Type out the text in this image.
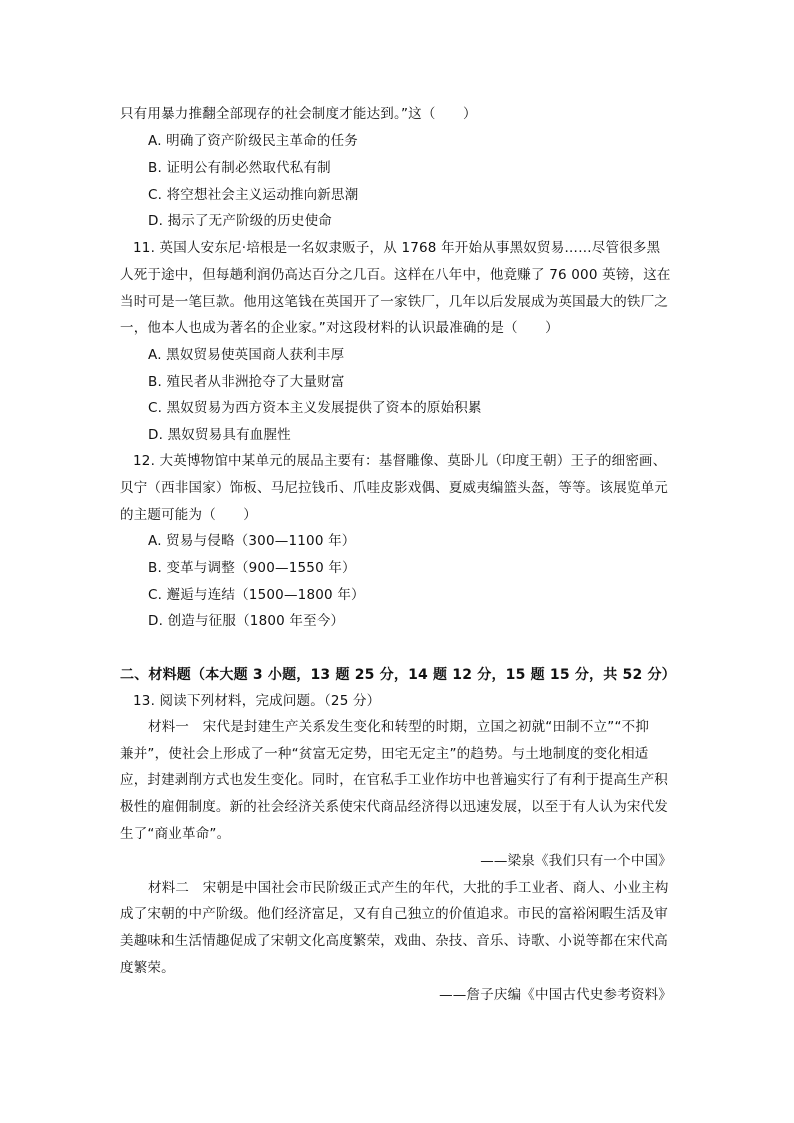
只有用暴力推翻全部现存的社会制度才能达到。”这（　　）
A. 明确了资产阶级民主革命的任务
B. 证明公有制必然取代私有制
C. 将空想社会主义运动推向新思潮
D. 揭示了无产阶级的历史使命
11. 英国人安东尼·培根是一名奴隶贩子，从 1768 年开始从事黑奴贸易……尽管很多黑
人死于途中，但每趟利润仍高达百分之几百。这样在八年中，他竟赚了 76 000 英镑，这在
当时可是一笔巨款。他用这笔钱在英国开了一家铁厂，几年以后发展成为英国最大的铁厂之
一，他本人也成为著名的企业家。”对这段材料的认识最准确的是（　　）
A. 黑奴贸易使英国商人获利丰厚
B. 殖民者从非洲抢夺了大量财富
C. 黑奴贸易为西方资本主义发展提供了资本的原始积累
D. 黑奴贸易具有血腥性
12. 大英博物馆中某单元的展品主要有：基督雕像、莫卧儿（印度王朝）王子的细密画、
贝宁（西非国家）饰板、马尼拉钱币、爪哇皮影戏偶、夏威夷编篮头盔，等等。该展览单元
的主题可能为（　　）
A. 贸易与侵略（300—1100 年）
B. 变革与调整（900—1550 年）
C. 邂逅与连结（1500—1800 年）
D. 创造与征服（1800 年至今）
二、材料题（本大题 3 小题，13 题 25 分，14 题 12 分，15 题 15 分，共 52 分）
13. 阅读下列材料，完成问题。（25 分）
材料一　宋代是封建生产关系发生变化和转型的时期，立国之初就“田制不立”“不抑
兼并”，使社会上形成了一种“贫富无定势，田宅无定主”的趋势。与土地制度的变化相适
应，封建剥削方式也发生变化。同时，在官私手工业作坊中也普遍实行了有利于提高生产积
极性的雇佣制度。新的社会经济关系使宋代商品经济得以迅速发展，以至于有人认为宋代发
生了“商业革命”。
——梁泉《我们只有一个中国》
材料二　宋朝是中国社会市民阶级正式产生的年代，大批的手工业者、商人、小业主构
成了宋朝的中产阶级。他们经济富足，又有自己独立的价值追求。市民的富裕闲暇生活及审
美趣味和生活情趣促成了宋朝文化高度繁荣，戏曲、杂技、音乐、诗歌、小说等都在宋代高
度繁荣。
——詹子庆编《中国古代史参考资料》
